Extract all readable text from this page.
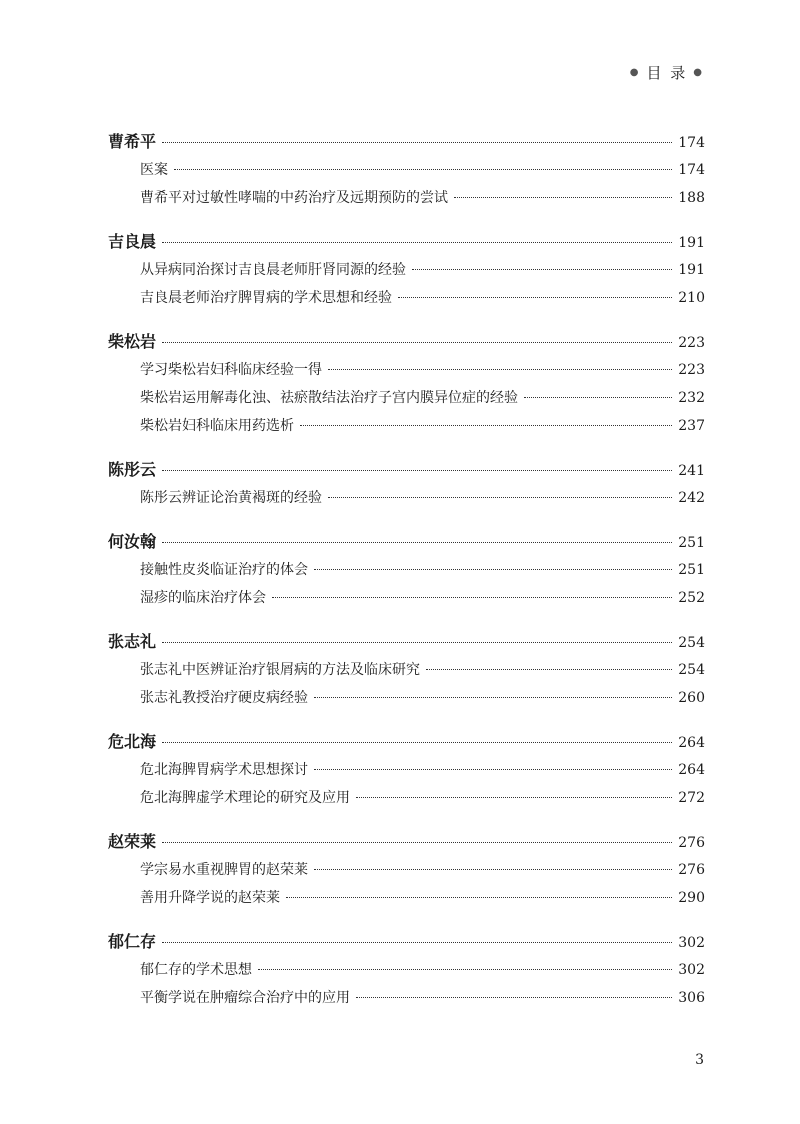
● 目 录 ●
曹希平	174
医案	174
曹希平对过敏性哮喘的中药治疗及远期预防的尝试	188
吉良晨	191
从异病同治探讨吉良晨老师肝肾同源的经验	191
吉良晨老师治疗脾胃病的学术思想和经验	210
柴松岩	223
学习柴松岩妇科临床经验一得	223
柴松岩运用解毒化浊、祛瘀散结法治疗子宫内膜异位症的经验	232
柴松岩妇科临床用药选析	237
陈彤云	241
陈彤云辨证论治黄褐斑的经验	242
何汝翰	251
接触性皮炎临证治疗的体会	251
湿疹的临床治疗体会	252
张志礼	254
张志礼中医辨证治疗银屑病的方法及临床研究	254
张志礼教授治疗硬皮病经验	260
危北海	264
危北海脾胃病学术思想探讨	264
危北海脾虚学术理论的研究及应用	272
赵荣莱	276
学宗易水重视脾胃的赵荣莱	276
善用升降学说的赵荣莱	290
郁仁存	302
郁仁存的学术思想	302
平衡学说在肿瘤综合治疗中的应用	306
3
